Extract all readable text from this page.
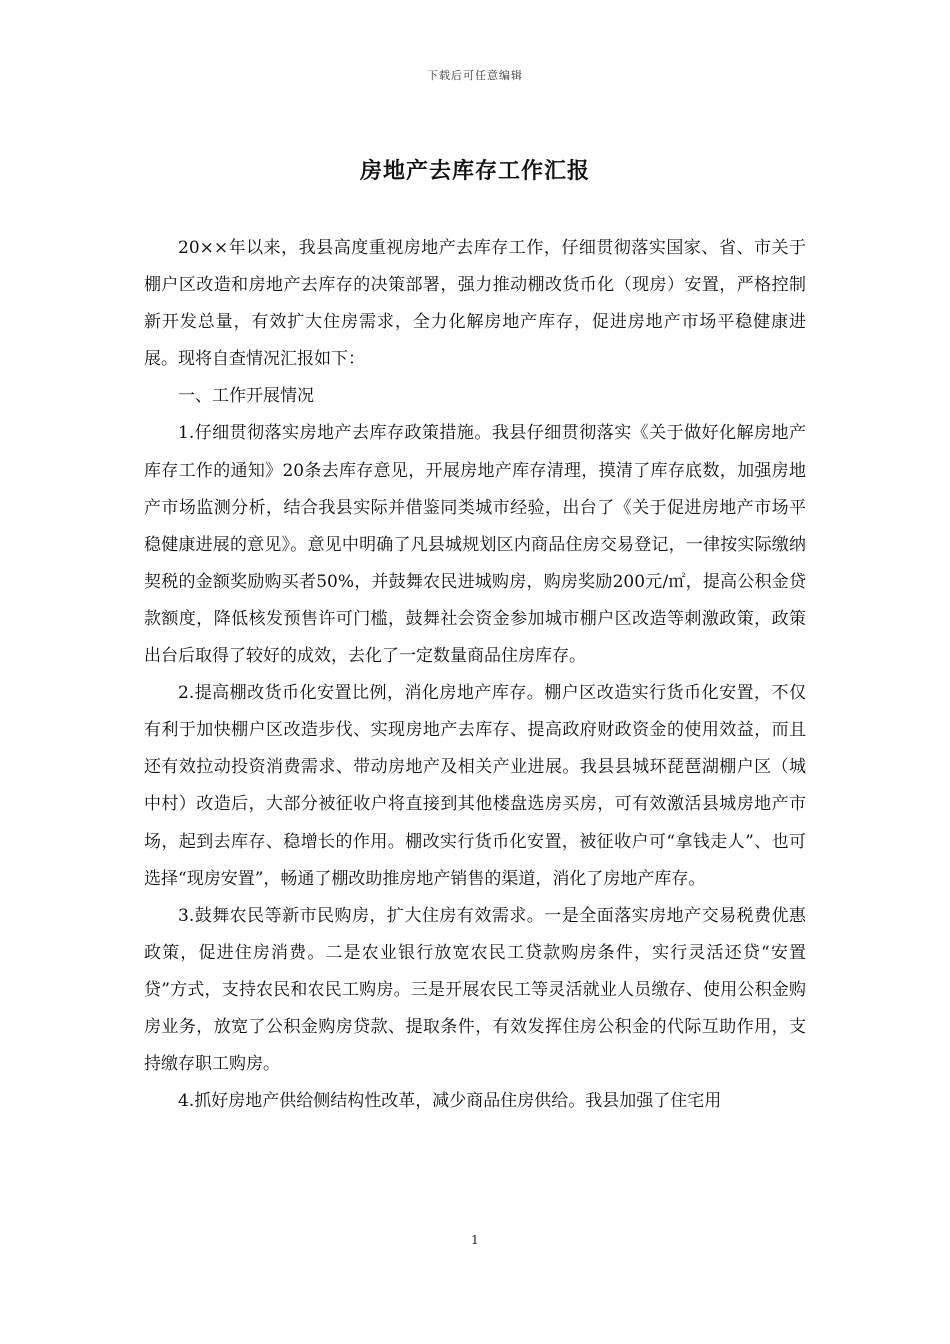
下载后可任意编辑
房地产去库存工作汇报

20××年以来，我县高度重视房地产去库存工作，仔细贯彻落实国家、省、市关于棚户区改造和房地产去库存的决策部署，强力推动棚改货币化（现房）安置，严格控制新开发总量，有效扩大住房需求，全力化解房地产库存，促进房地产市场平稳健康进展。现将自查情况汇报如下：

一、工作开展情况

1.仔细贯彻落实房地产去库存政策措施。我县仔细贯彻落实《关于做好化解房地产库存工作的通知》20条去库存意见，开展房地产库存清理，摸清了库存底数，加强房地产市场监测分析，结合我县实际并借鉴同类城市经验，出台了《关于促进房地产市场平稳健康进展的意见》。意见中明确了凡县城规划区内商品住房交易登记，一律按实际缴纳契税的金额奖励购买者50%，并鼓舞农民进城购房，购房奖励200元/㎡，提高公积金贷款额度，降低核发预售许可门槛，鼓舞社会资金参加城市棚户区改造等刺激政策，政策出台后取得了较好的成效，去化了一定数量商品住房库存。

2.提高棚改货币化安置比例，消化房地产库存。棚户区改造实行货币化安置，不仅有利于加快棚户区改造步伐、实现房地产去库存、提高政府财政资金的使用效益，而且还有效拉动投资消费需求、带动房地产及相关产业进展。我县县城环琵琶湖棚户区（城中村）改造后，大部分被征收户将直接到其他楼盘选房买房，可有效激活县城房地产市场，起到去库存、稳增长的作用。棚改实行货币化安置，被征收户可“拿钱走人”、也可选择“现房安置”，畅通了棚改助推房地产销售的渠道，消化了房地产库存。

3.鼓舞农民等新市民购房，扩大住房有效需求。一是全面落实房地产交易税费优惠政策，促进住房消费。二是农业银行放宽农民工贷款购房条件，实行灵活还贷“安置贷”方式，支持农民和农民工购房。三是开展农民工等灵活就业人员缴存、使用公积金购房业务，放宽了公积金购房贷款、提取条件，有效发挥住房公积金的代际互助作用，支持缴存职工购房。

4.抓好房地产供给侧结构性改革，减少商品住房供给。我县加强了住宅用

1
